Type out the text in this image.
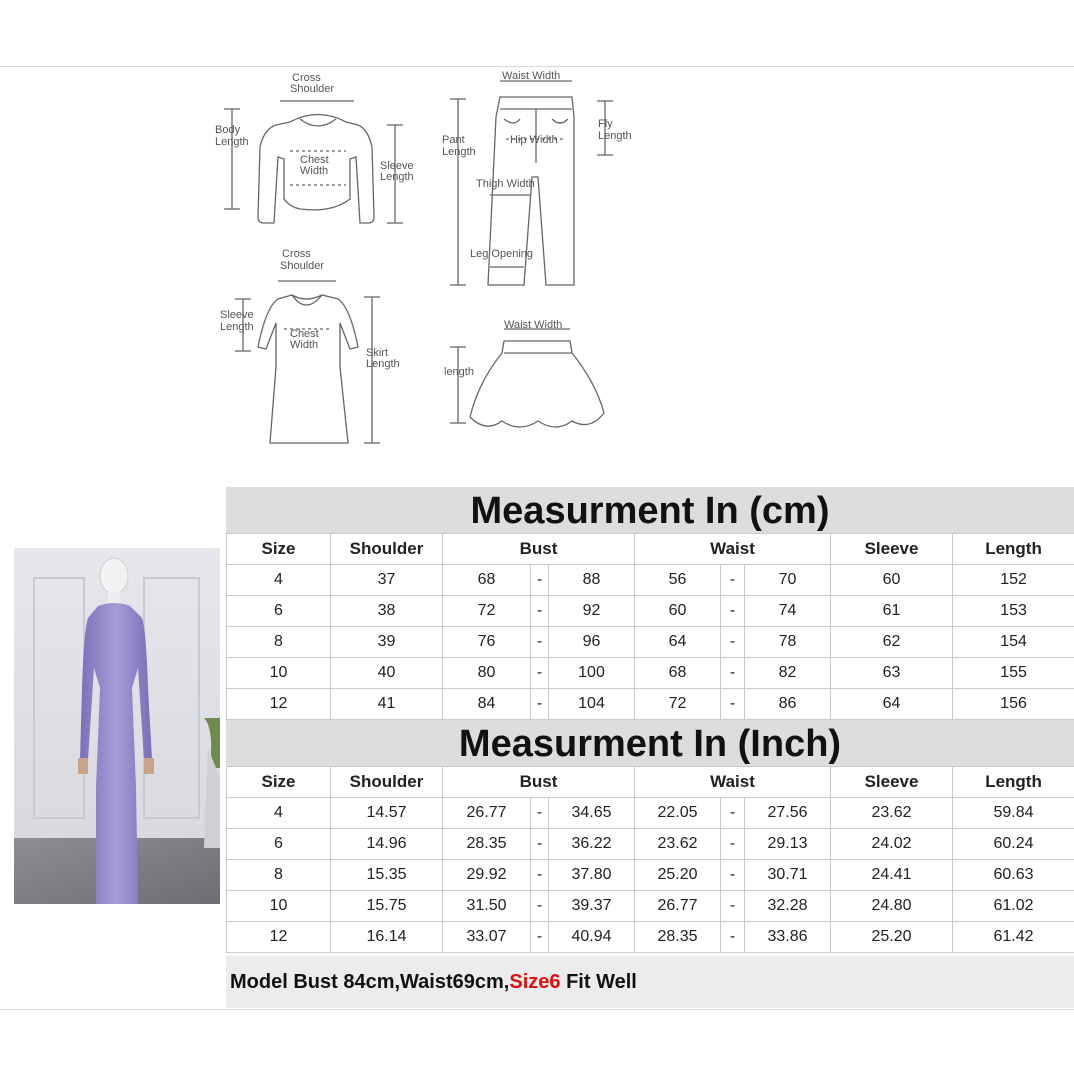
Cross
Shoulder
Body
Length
Chest
Width	Sleeve
Length
Waist Width
Pant
Length
Hip Width
Fly
Length
Thigh Width
Leg Opening
Cross
Shoulder
Sleeve
Length
Chest
Width
Skirt
Length
Waist Width
length
Measurment In (cm)
Size	Shoulder	Bust			Waist			Sleeve	Length
4	37	68	-	88	56	-	70	60	152
6	38	72	-	92	60	-	74	61	153
8	39	76	-	96	64	-	78	62	154
10	40	80	-	100	68	-	82	63	155
12	41	84	-	104	72	-	86	64	156
Measurment In (Inch)
Size	Shoulder	Bust			Waist			Sleeve	Length
4	14.57	26.77	-	34.65	22.05	-	27.56	23.62	59.84
6	14.96	28.35	-	36.22	23.62	-	29.13	24.02	60.24
8	15.35	29.92	-	37.80	25.20	-	30.71	24.41	60.63
10	15.75	31.50	-	39.37	26.77	-	32.28	24.80	61.02
12	16.14	33.07	-	40.94	28.35	-	33.86	25.20	61.42
Model Bust 84cm,Waist69cm,Size6 Fit Well
